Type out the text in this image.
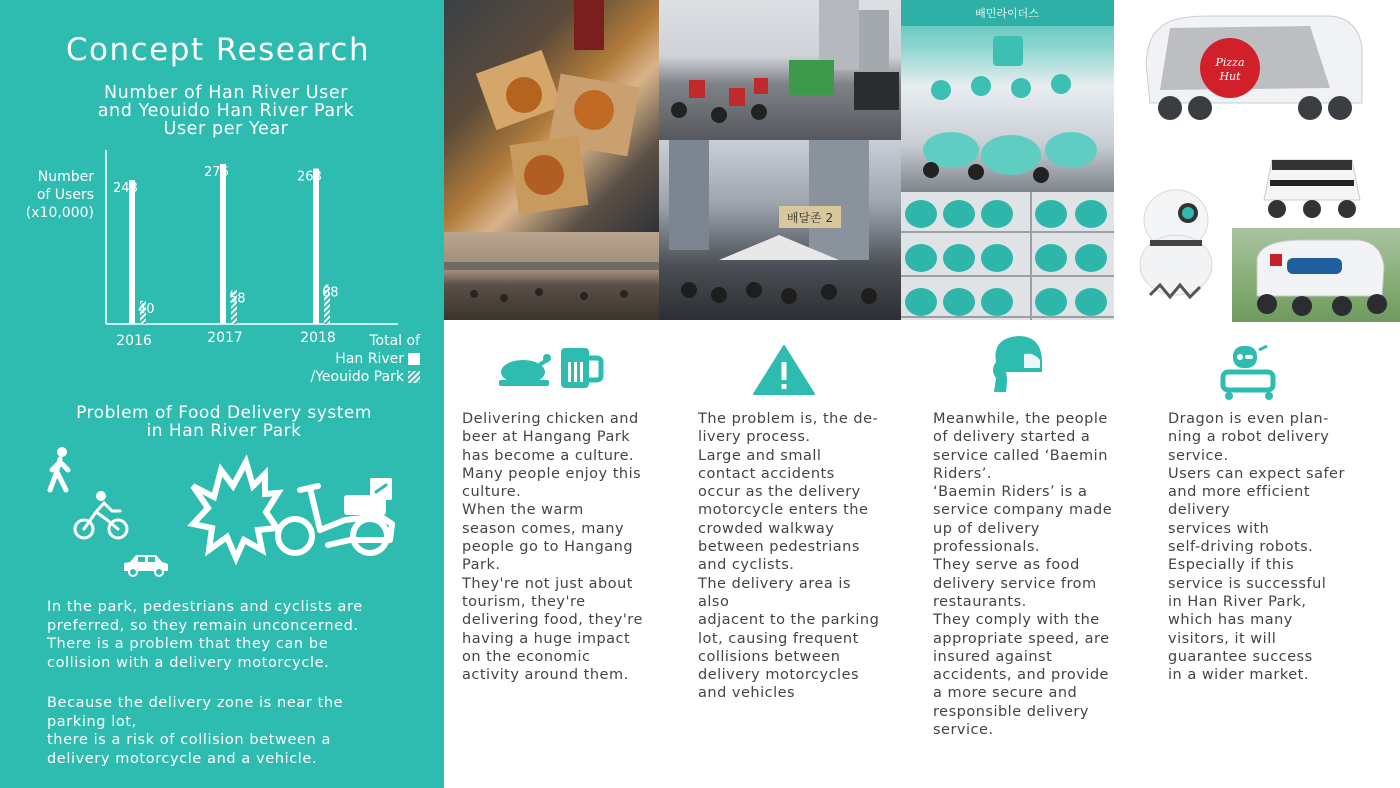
Concept Research
Number of Han River User
and Yeouido Han River Park
User per Year
Number
of Users
(x10,000)
248
40
2016
276
58
2017
268
68
2018	Total of
Han River
/Yeouido Park
Problem of Food Delivery system
in Han River Park
In the park, pedestrians and cyclists are
preferred, so they remain unconcerned.
There is a problem that they can be
collision with a delivery motorcycle.
Because the delivery zone is near the
parking lot,
there is a risk of collision between a
delivery motorcycle and a vehicle.
배달존 2
배민라이더스
Pizza
Hut

Delivering chicken and
beer at Hangang Park
has become a culture.
Many people enjoy this
culture.
When the warm
season comes, many
people go to Hangang
Park.
They're not just about
tourism, they're
delivering food, they're
having a huge impact
on the economic
activity around them.

The problem is, the de-
livery process.
Large and small
contact accidents
occur as the delivery
motorcycle enters the
crowded walkway
between pedestrians
and cyclists.
The delivery area is
also
adjacent to the parking
lot, causing frequent
collisions between
delivery motorcycles
and vehicles

Meanwhile, the people
of delivery started a
service called ‘Baemin
Riders’.
‘Baemin Riders’ is a
service company made
up of delivery
professionals.
They serve as food
delivery service from
restaurants.
They comply with the
appropriate speed, are
insured against
accidents, and provide
a more secure and
responsible delivery
service.

Dragon is even plan-
ning a robot delivery
service.
Users can expect safer
and more efficient
delivery
services with
self-driving robots.
Especially if this
service is successful
in Han River Park,
which has many
visitors, it will
guarantee success
in a wider market.
